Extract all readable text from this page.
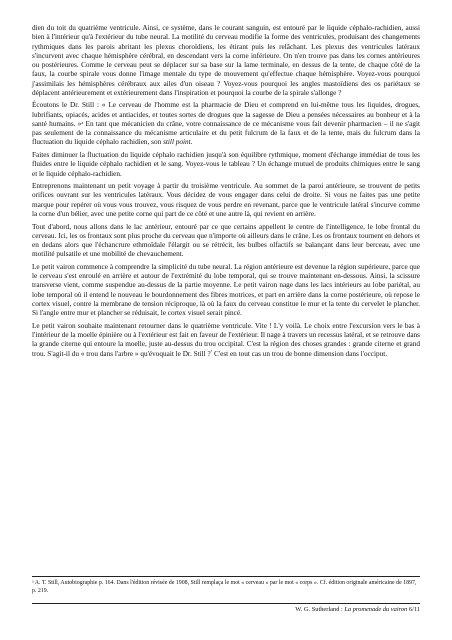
dien du toit du quatrième ventricule. Ainsi, ce système, dans le courant sanguin, est entouré par le liquide céphalo-rachidien, aussi bien à l'intérieur qu'à l'extérieur du tube neural. La motilité du cerveau modifie la forme des ventricules, produisant des changements rythmiques dans les parois abritant les plexus choroïdiens, les étirant puis les relâchant. Les plexus des ventricules latéraux s'incurvent avec chaque hémisphère cérébral, en descendant vers la corne inférieure. On n'en trouve pas dans les cornes antérieures ou postérieures. Comme le cerveau peut se déplacer sur sa base sur la lame terminale, en dessus de la tente, de chaque côté de la faux, la courbe spirale vous donne l'image mentale du type de mouvement qu'effectue chaque hémisphère. Voyez-vous pourquoi j'assimilais les hémisphères cérébraux aux ailes d'un oiseau ? Voyez-vous pourquoi les angles mastoïdiens des os pariétaux se déplacent antérieurement et extérieurement dans l'inspiration et pourquoi la courbe de la spirale s'allonge ?

Écoutons le Dr. Still : « Le cerveau de l'homme est la pharmacie de Dieu et comprend en lui-même tous les liquides, drogues, lubrifiants, opiacés, acides et antiacides, et toutes sortes de drogues que la sagesse de Dieu a pensées nécessaires au bonheur et à la santé humains. »ᵃ En tant que mécanicien du crâne, votre connaissance de ce mécanisme vous fait devenir pharmacien – il ne s'agit pas seulement de la connaissance du mécanisme articulaire et du petit fulcrum de la faux et de la tente, mais du fulcrum dans la fluctuation du liquide céphalo rachidien, son still point.

Faites diminuer la fluctuation du liquide céphalo rachidien jusqu'à son équilibre rythmique, moment d'échange immédiat de tous les fluides entre le liquide céphalo rachidien et le sang. Voyez-vous le tableau ? Un échange mutuel de produits chimiques entre le sang et le liquide céphalo-rachidien.

Entreprenons maintenant un petit voyage à partir du troisième ventricule. Au sommet de la paroi antérieure, se trouvent de petits orifices ouvrant sur les ventricules latéraux. Vous décidez de vous engager dans celui de droite. Si vous ne faites pas une petite marque pour repérer où vous vous trouvez, vous risquez de vous perdre en revenant, parce que le ventricule latéral s'incurve comme la corne d'un bélier, avec une petite corne qui part de ce côté et une autre là, qui revient en arrière.

Tout d'abord, nous allons dans le lac antérieur, entouré par ce que certains appellent le centre de l'intelligence, le lobe frontal du cerveau. Ici, les os frontaux sont plus proche du cerveau que n'importe où ailleurs dans le crâne. Les os frontaux tournent en dehors et en dedans alors que l'échancrure ethmoïdale l'élargit ou se rétrécit, les bulbes olfactifs se balançant dans leur berceau, avec une motilité pulsatile et une mobilité de chevauchement.

Le petit vairon commence à comprendre la simplicité du tube neural. La région antérieure est devenue la région supérieure, parce que le cerveau s'est enroulé en arrière et autour de l'extrémité du lobe temporal, qui se trouve maintenant en-dessous. Ainsi, la scissure transverse vient, comme suspendue au-dessus de la partie moyenne. Le petit vairon nage dans les lacs intérieurs au lobe pariétal, au lobe temporal où il entend le nouveau le bourdonnement des fibres motrices, et part en arrière dans la corne postérieure, où repose le cortex visuel, contre la membrane de tension réciproque, là où la faux du cerveau constitue le mur et la tente du cervelet le plancher. Si l'angle entre mur et plancher se réduisait, le cortex visuel serait pincé.

Le petit vairon souhaite maintenant retourner dans le quatrième ventricule. Vite ! L'y voilà. Le choix entre l'excursion vers le bas à l'intérieur de la moelle épinière ou à l'extérieur est fait en faveur de l'extérieur. Il nage à travers un recessus latéral, et se retrouve dans la grande citerne qui entoure la moelle, juste au-dessus du trou occipital. C'est la région des choses grandes : grande citerne et grand trou. S'agit-il du « trou dans l'arbre » qu'évoquait le Dr. Still ?$^ᵇ$ C'est en tout cas un trou de bonne dimension dans l'occiput.

ᵃ A. T. Still, Autobiographie p. 164. Dans l'édition révisée de 1908, Still remplaça le mot « cerveau » par le mot « corps ». Cf. édition originale américaine de 1897, p. 219.

W. G. Sutherland : La promenade du vairon 6/11
